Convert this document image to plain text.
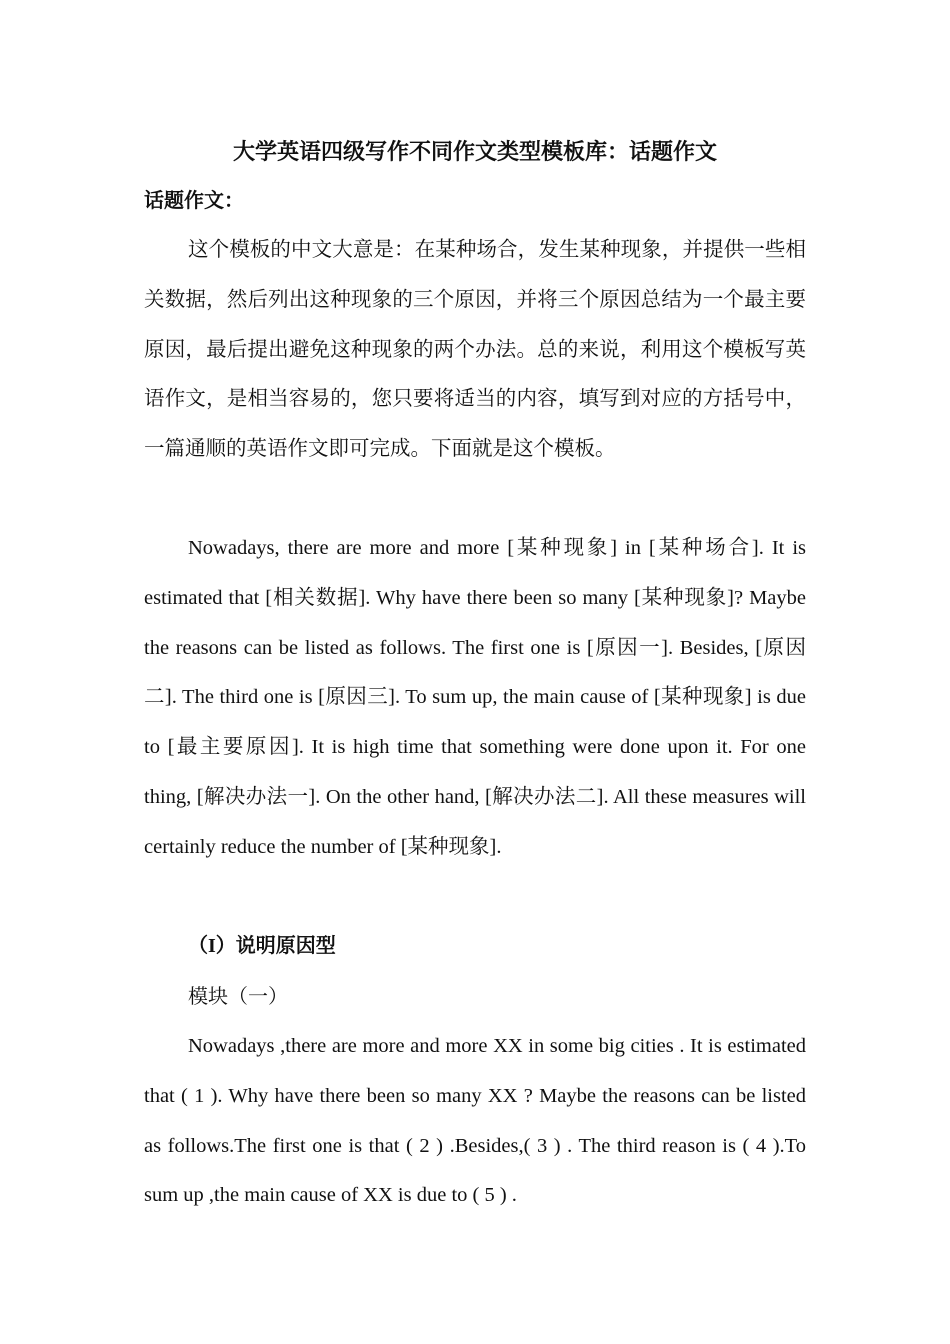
大学英语四级写作不同作文类型模板库：话题作文
话题作文：

这个模板的中文大意是：在某种场合，发生某种现象，并提供一些相关数据，然后列出这种现象的三个原因，并将三个原因总结为一个最主要原因，最后提出避免这种现象的两个办法。总的来说，利用这个模板写英语作文，是相当容易的，您只要将适当的内容，填写到对应的方括号中，一篇通顺的英语作文即可完成。下面就是这个模板。

Nowadays, there are more and more [某种现象] in [某种场合]. It is estimated that [相关数据]. Why have there been so many [某种现象]? Maybe the reasons can be listed as follows. The first one is [原因一]. Besides, [原因二]. The third one is [原因三]. To sum up, the main cause of [某种现象] is due to [最主要原因]. It is high time that something were done upon it. For one thing, [解决办法一]. On the other hand, [解决办法二]. All these measures will certainly reduce the number of [某种现象].

（I）说明原因型
模块（一）

Nowadays ,there are more and more XX in some big cities . It is estimated that ( 1 ). Why have there been so many XX ? Maybe the reasons can be listed as follows.The first one is that ( 2 ) .Besides,( 3 ) . The third reason is ( 4 ).To sum up ,the main cause of XX is due to ( 5 ) .
